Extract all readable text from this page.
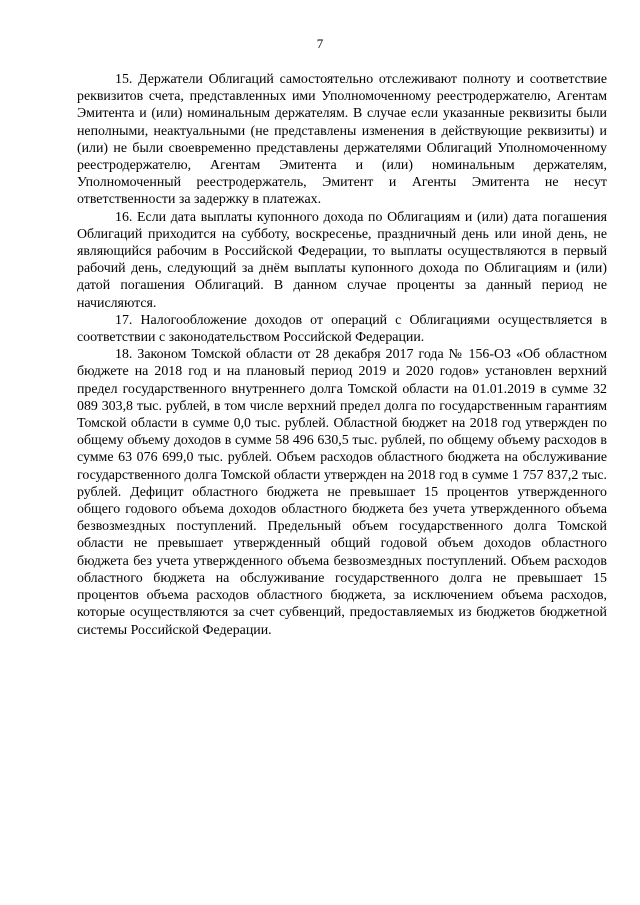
7

15. Держатели Облигаций самостоятельно отслеживают полноту и соответствие реквизитов счета, представленных ими Уполномоченному реестродержателю, Агентам Эмитента и (или) номинальным держателям. В случае если указанные реквизиты были неполными, неактуальными (не представлены изменения в действующие реквизиты) и (или) не были своевременно представлены держателями Облигаций Уполномоченному реестродержателю, Агентам Эмитента и (или) номинальным держателям, Уполномоченный реестродержатель, Эмитент и Агенты Эмитента не несут ответственности за задержку в платежах.

16. Если дата выплаты купонного дохода по Облигациям и (или) дата погашения Облигаций приходится на субботу, воскресенье, праздничный день или иной день, не являющийся рабочим в Российской Федерации, то выплаты осуществляются в первый рабочий день, следующий за днём выплаты купонного дохода по Облигациям и (или) датой погашения Облигаций. В данном случае проценты за данный период не начисляются.

17. Налогообложение доходов от операций с Облигациями осуществляется в соответствии с законодательством Российской Федерации.

18. Законом Томской области от 28 декабря 2017 года № 156-ОЗ «Об областном бюджете на 2018 год и на плановый период 2019 и 2020 годов» установлен верхний предел государственного внутреннего долга Томской области на 01.01.2019 в сумме 32 089 303,8 тыс. рублей, в том числе верхний предел долга по государственным гарантиям Томской области в сумме 0,0 тыс. рублей. Областной бюджет на 2018 год утвержден по общему объему доходов в сумме 58 496 630,5 тыс. рублей, по общему объему расходов в сумме 63 076 699,0 тыс. рублей. Объем расходов областного бюджета на обслуживание государственного долга Томской области утвержден на 2018 год в сумме 1 757 837,2 тыс. рублей. Дефицит областного бюджета не превышает 15 процентов утвержденного общего годового объема доходов областного бюджета без учета утвержденного объема безвозмездных поступлений. Предельный объем государственного долга Томской области не превышает утвержденный общий годовой объем доходов областного бюджета без учета утвержденного объема безвозмездных поступлений. Объем расходов областного бюджета на обслуживание государственного долга не превышает 15 процентов объема расходов областного бюджета, за исключением объема расходов, которые осуществляются за счет субвенций, предоставляемых из бюджетов бюджетной системы Российской Федерации.
